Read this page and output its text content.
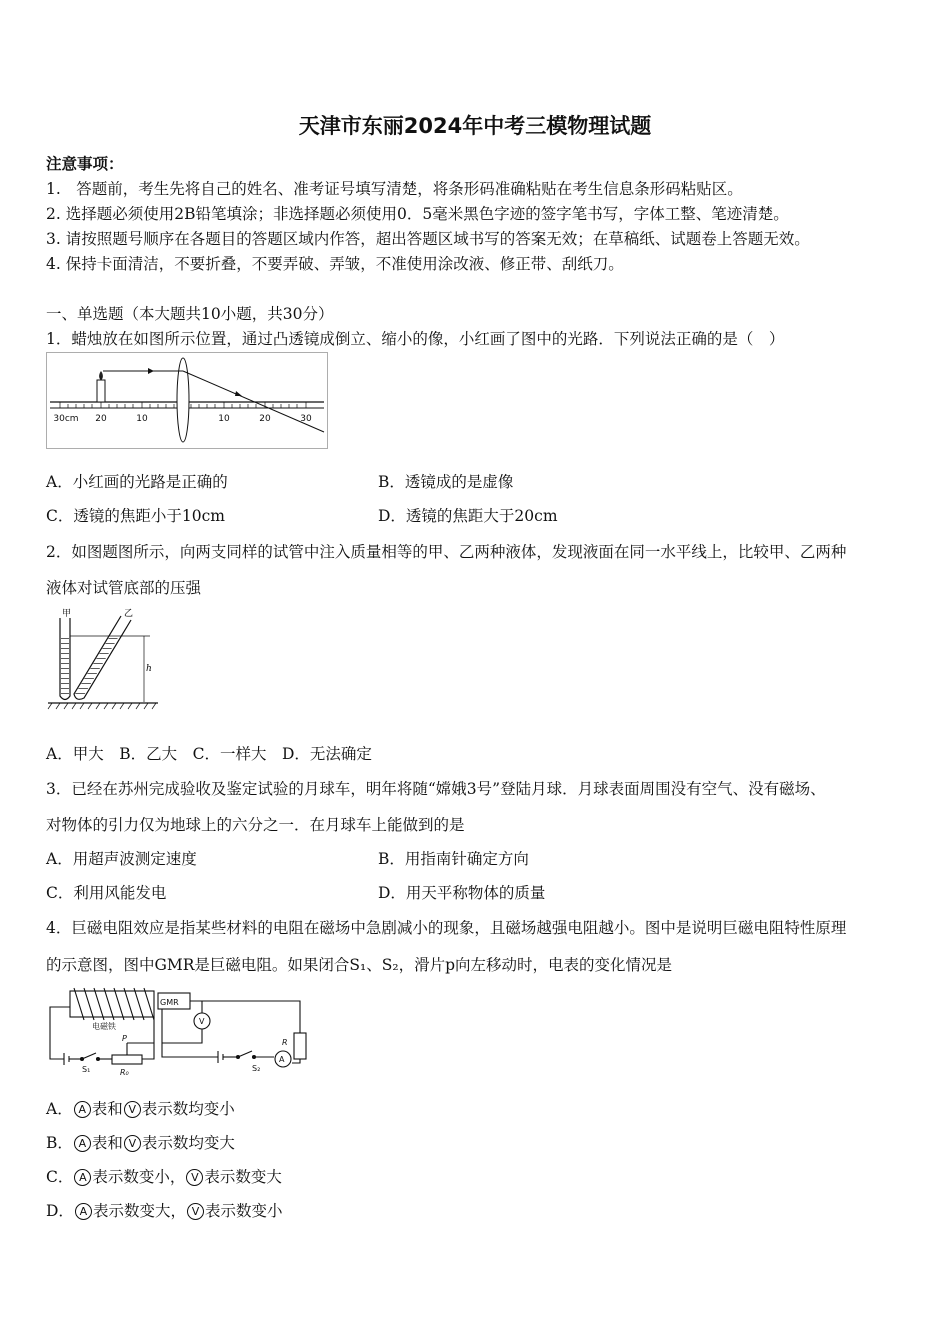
天津市东丽2024年中考三模物理试题
注意事项：
1.　答题前，考生先将自己的姓名、准考证号填写清楚，将条形码准确粘贴在考生信息条形码粘贴区。
2. 选择题必须使用2B铅笔填涂；非选择题必须使用0．5毫米黑色字迹的签字笔书写，字体工整、笔迹清楚。
3. 请按照题号顺序在各题目的答题区域内作答，超出答题区域书写的答案无效；在草稿纸、试题卷上答题无效。
4. 保持卡面清洁，不要折叠，不要弄破、弄皱，不准使用涂改液、修正带、刮纸刀。
一、单选题（本大题共10小题，共30分）
1．蜡烛放在如图所示位置，通过凸透镜成倒立、缩小的像，小红画了图中的光路．下列说法正确的是（　）
30cm 20	10	10	20	30
A．小红画的光路是正确的	B．透镜成的是虚像
C．透镜的焦距小于10cm	D．透镜的焦距大于20cm
2．如图题图所示，向两支同样的试管中注入质量相等的甲、乙两种液体，发现液面在同一水平线上，比较甲、乙两种
液体对试管底部的压强
甲	乙
h
A．甲大　B．乙大　C．一样大　D．无法确定
3．已经在苏州完成验收及鉴定试验的月球车，明年将随“嫦娥3号”登陆月球．月球表面周围没有空气、没有磁场、
对物体的引力仅为地球上的六分之一．在月球车上能做到的是
A．用超声波测定速度	B．用指南针确定方向
C．利用风能发电	D．用天平称物体的质量
4．巨磁电阻效应是指某些材料的电阻在磁场中急剧减小的现象，且磁场越强电阻越小。图中是说明巨磁电阻特性原理
的示意图，图中GMR是巨磁电阻。如果闭合S₁、S₂，滑片p向左移动时，电表的变化情况是
电磁铁
GMR
P
S₁	R₀	S₂
R
A
V
A． A 表和 V 表示数均变小
B． A 表和 V 表示数均变大
C． A 表示数变小， V 表示数变大
D． A 表示数变大， V 表示数变小
